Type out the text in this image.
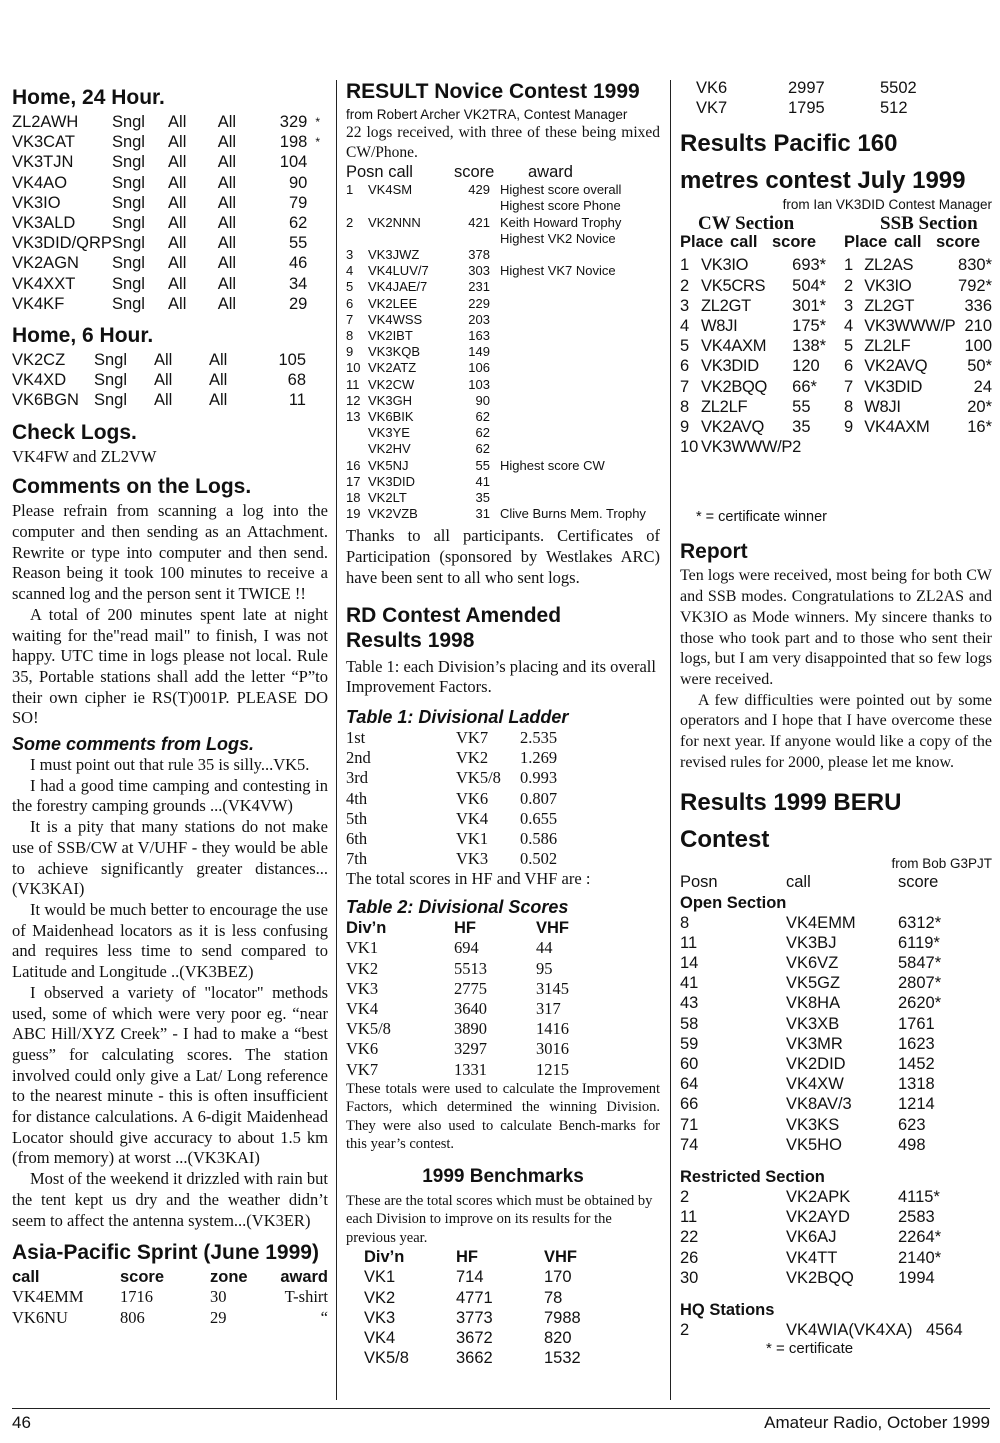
Home, 24 Hour.
ZL2AWH	Sngl	All	All	329	*
VK3CAT	Sngl	All	All	198	*
VK3TJN	Sngl	All	All	104	
VK4AO	Sngl	All	All	90	
VK3IO	Sngl	All	All	79	
VK3ALD	Sngl	All	All	62	
VK3DID/QRP	Sngl	All	All	55	
VK2AGN	Sngl	All	All	46	
VK4XXT	Sngl	All	All	34	
VK4KF	Sngl	All	All	29	
Home, 6 Hour.
VK2CZ	Sngl	All	All	105
VK4XD	Sngl	All	All	68
VK6BGN	Sngl	All	All	11
Check Logs.

VK4FW and ZL2VW

Comments on the Logs.

Please refrain from scanning a log into the computer and then sending as an Attachment. Rewrite or type into computer and then send. Reason being it took 100 minutes to receive a scanned log and the person sent it TWICE !!

A total of 200 minutes spent late at night waiting for the"read mail" to finish, I was not happy. UTC time in logs please not local. Rule 35, Portable stations shall add the letter “P”to their own cipher ie RS(T)001P. PLEASE DO SO!

Some comments from Logs.

I must point out that rule 35 is silly...VK5.

I had a good time camping and contesting in the forestry camping grounds ...(VK4VW)

It is a pity that many stations do not make use of SSB/CW at V/UHF - they would be able to achieve significantly greater distances...(VK3KAI)

It would be much better to encourage the use of Maidenhead locators as it is less confusing and requires less time to send compared to Latitude and Longitude ..(VK3BEZ)

I observed a variety of "locator" methods used, some of which were very poor eg. “near ABC Hill/XYZ Creek” - I had to make a “best guess” for calculating scores. The station involved could only give a Lat/ Long reference to the nearest minute - this is often insufficient for distance calculations. A 6-digit Maidenhead Locator should give accuracy to about 1.5 km (from memory) at worst ...(VK3KAI)

Most of the weekend it drizzled with rain but the tent kept us dry and the weather didn’t seem to affect the antenna system...(VK3ER)

Asia-Pacific Sprint (June 1999)
call	score	zone	award
VK4EMM	1716	30	T-shirt
VK6NU	806	29	“
RESULT Novice Contest 1999
from Robert Archer VK2TRA, Contest Manager

22 logs received, with three of these being mixed CW/Phone.

Posn call	score	award
1	VK4SM	429	Highest score overall
			Highest score Phone
2	VK2NNN	421	Keith Howard Trophy
			Highest VK2 Novice
3	VK3JWZ	378	
4	VK4LUV/7	303	Highest VK7 Novice
5	VK4JAE/7	231	
6	VK2LEE	229	
7	VK4WSS	203	
8	VK2IBT	163	
9	VK3KQB	149	
10	VK2ATZ	106	
11	VK2CW	103	
12	VK3GH	90	
13	VK6BIK	62	
	VK3YE	62	
	VK2HV	62	
16	VK5NJ	55	Highest score CW
17	VK3DID	41	
18	VK2LT	35	
19	VK2VZB	31	Clive Burns Mem. Trophy

Thanks to all participants. Certificates of Participation (sponsored by Westlakes ARC) have been sent to all who sent logs.

RD Contest Amended Results 1998

Table 1: each Division’s placing and its overall Improvement Factors.

Table 1: Divisional Ladder
1st	VK7	2.535
2nd	VK2	1.269
3rd	VK5/8	0.993
4th	VK6	0.807
5th	VK4	0.655
6th	VK1	0.586
7th	VK3	0.502

The total scores in HF and VHF are :

Table 2: Divisional Scores
Div’n	HF	VHF
VK1	694	44
VK2	5513	95
VK3	2775	3145
VK4	3640	317
VK5/8	3890	1416
VK6	3297	3016
VK7	1331	1215

These totals were used to calculate the Improvement Factors, which determined the winning Division. They were also used to calculate Bench-marks for this year’s contest.

1999 Benchmarks

These are the total scores which must be obtained by each Division to improve on its results for the previous year.

Div’n	HF	VHF
VK1	714	170
VK2	4771	78
VK3	3773	7988
VK4	3672	820
VK5/8	3662	1532
VK6	2997	5502
VK7	1795	512
Results Pacific 160
metres contest July 1999
from Ian VK3DID Contest Manager
CW Section	SSB Section
Place call score Place call score
1	VK3IO	693*
2	VK5CRS	504*
3	ZL2GT	301*
4	W8JI	175*
5	VK4AXM	138*
6	VK3DID	120
7	VK2BQQ	66*
8	ZL2LF	55
9	VK2AVQ	35
10	VK3WWW/P	2
1	ZL2AS	830*
2	VK3IO	792*
3	ZL2GT	336
4	VK3WWW/P	210
5	ZL2LF	100
6	VK2AVQ	50*
7	VK3DID	24
8	W8JI	20*
9	VK4AXM	16*
* = certificate winner
Report

Ten logs were received, most being for both CW and SSB modes. Congratulations to ZL2AS and VK3IO as Mode winners. My sincere thanks to those who took part and to those who sent their logs, but I am very disappointed that so few logs were received.

A few difficulties were pointed out by some operators and I hope that I have overcome these for next year. If anyone would like a copy of the revised rules for 2000, please let me know.

Results 1999 BERU
Contest
from Bob G3PJT
Posn	call	score
Open Section
8	VK4EMM	6312*
11	VK3BJ	6119*
14	VK6VZ	5847*
41	VK5GZ	2807*
43	VK8HA	2620*
58	VK3XB	1761
59	VK3MR	1623
60	VK2DID	1452
64	VK4XW	1318
66	VK8AV/3	1214
71	VK3KS	623
74	VK5HO	498
Restricted Section
2	VK2APK	4115*
11	VK2AYD	2583
22	VK6AJ	2264*
26	VK4TT	2140*
30	VK2BQQ	1994
HQ Stations
2	VK4WIA(VK4XA)	4564
* = certificate
46	Amateur Radio, October 1999
